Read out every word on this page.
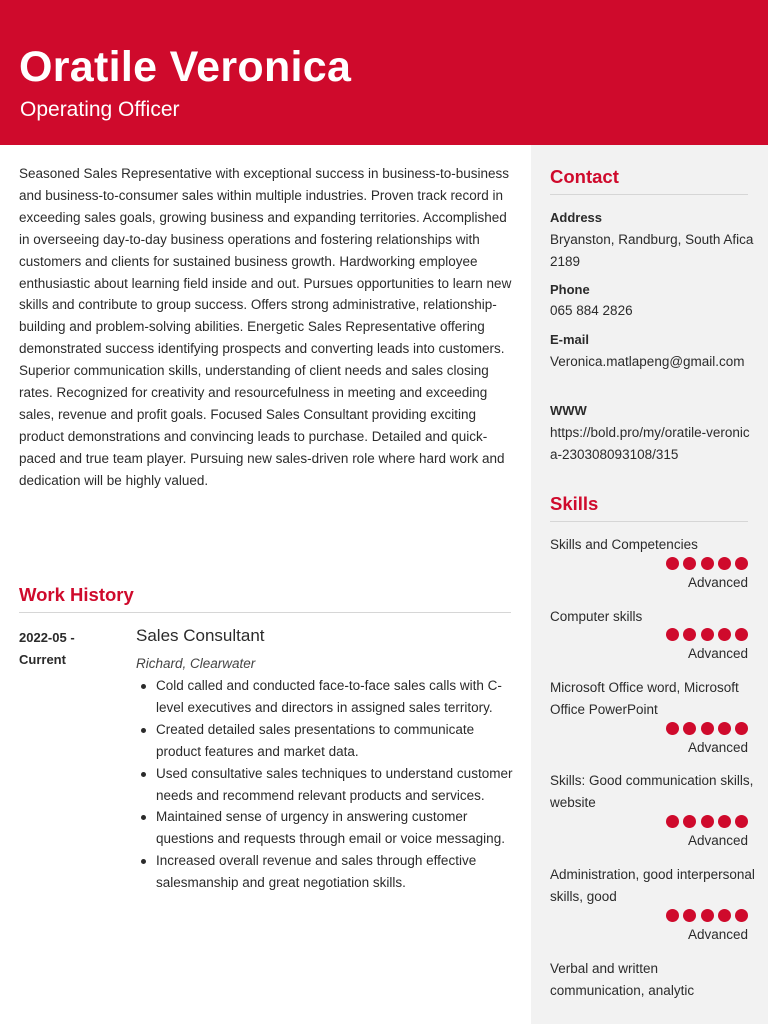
Oratile Veronica
Operating Officer

Seasoned Sales Representative with exceptional success in business-to-business and business-to-consumer sales within multiple industries. Proven track record in exceeding sales goals, growing business and expanding territories. Accomplished in overseeing day-to-day business operations and fostering relationships with customers and clients for sustained business growth. Hardworking employee enthusiastic about learning field inside and out. Pursues opportunities to learn new skills and contribute to group success. Offers strong administrative, relationship-building and problem-solving abilities. Energetic Sales Representative offering demonstrated success identifying prospects and converting leads into customers. Superior communication skills, understanding of client needs and sales closing rates. Recognized for creativity and resourcefulness in meeting and exceeding sales, revenue and profit goals. Focused Sales Consultant providing exciting product demonstrations and convincing leads to purchase. Detailed and quick-paced and true team player. Pursuing new sales-driven role where hard work and dedication will be highly valued.

Work History
2022-05 - Current
Sales Consultant
Richard, Clearwater
Cold called and conducted face-to-face sales calls with C-level executives and directors in assigned sales territory.
Created detailed sales presentations to communicate product features and market data.
Used consultative sales techniques to understand customer needs and recommend relevant products and services.
Maintained sense of urgency in answering customer questions and requests through email or voice messaging.
Increased overall revenue and sales through effective salesmanship and great negotiation skills.
Contact
Address
Bryanston, Randburg, South Afica 2189
Phone
065 884 2826
E-mail
Veronica.matlapeng@gmail.com
WWW
https://bold.pro/my/oratile-veronica-230308093108/315
Skills
Skills and Competencies
Advanced
Computer skills
Advanced
Microsoft Office word, Microsoft Office PowerPoint
Advanced
Skills: Good communication skills, website
Advanced
Administration, good interpersonal skills, good
Advanced
Verbal and written communication, analytic
